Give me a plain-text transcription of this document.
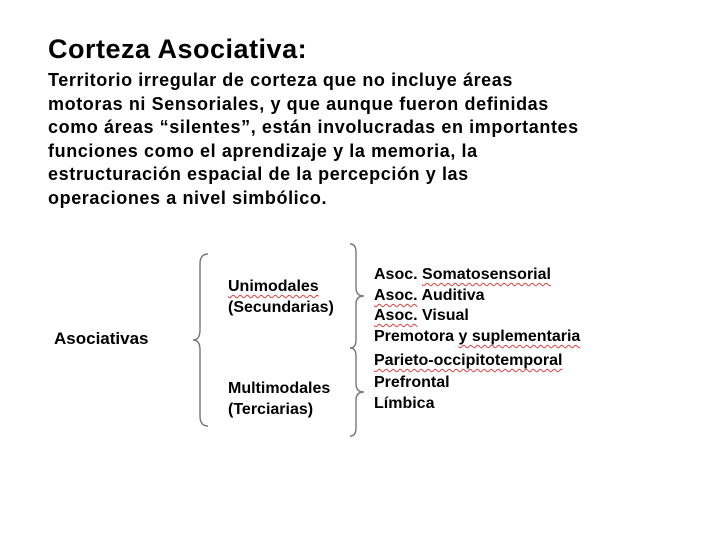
Corteza Asociativa:
Territorio irregular de corteza que no incluye áreas
motoras ni Sensoriales, y que aunque fueron definidas
como áreas “silentes”, están involucradas en importantes
funciones como el aprendizaje y la memoria, la
estructuración espacial de la percepción y las
operaciones a nivel simbólico.
Asociativas
Unimodales
(Secundarias)
Multimodales
(Terciarias)
Asoc. Somatosensorial
Asoc. Auditiva
Asoc. Visual
Premotora y suplementaria
Parieto-occipitotemporal
Prefrontal
Límbica
